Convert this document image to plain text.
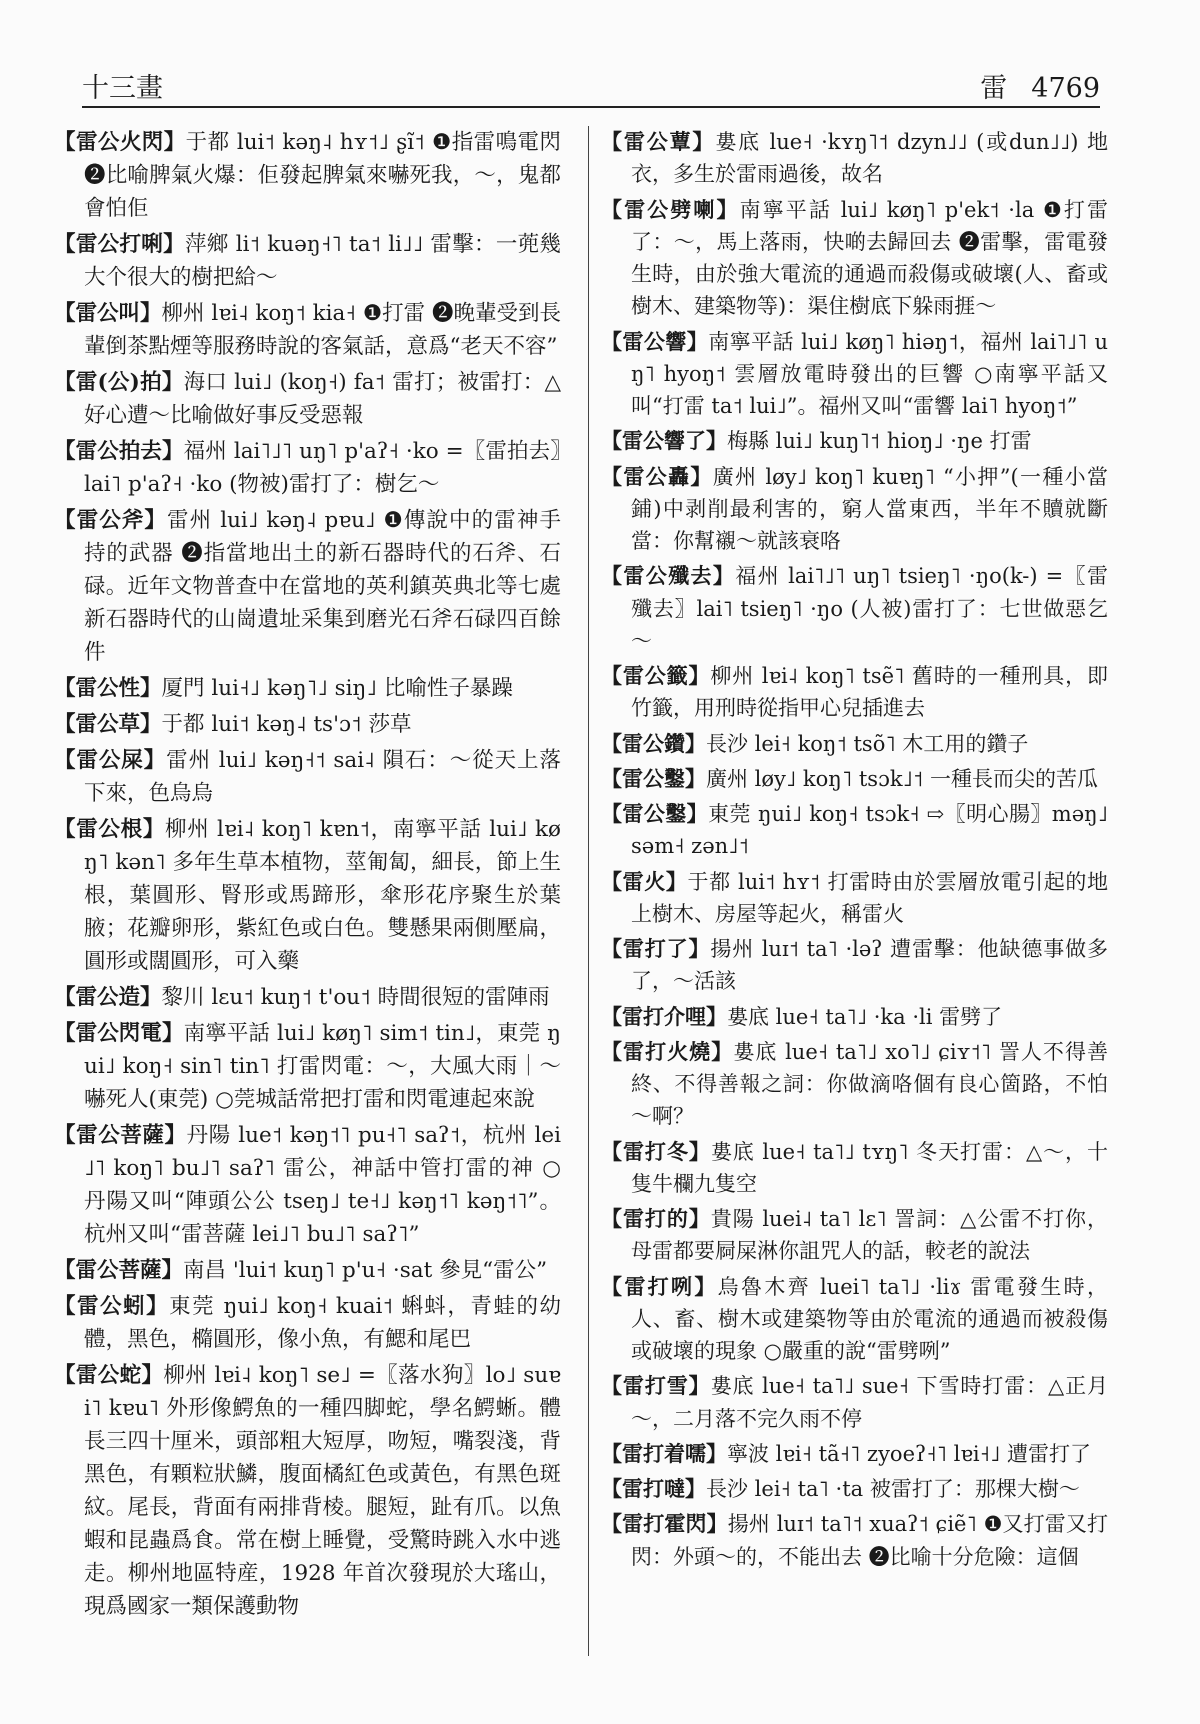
十三畫	雷 4769

【雷公火閃】于都 lui˦ kəŋ˨ hʏ˦˩ ʂĩ˦ ❶指雷鳴電閃 ❷比喻脾氣火爆：佢發起脾氣來嚇死我，～，鬼都會怕佢

【雷公打唎】萍鄉 li˦ kuəŋ˧˥ ta˦ li˩˩ 雷擊：一蔸幾大个很大的樹把給～

【雷公叫】柳州 lɐi˨ koŋ˦ kia˧ ❶打雷 ❷晚輩受到長輩倒茶點煙等服務時說的客氣話，意爲“老天不容”

【雷(公)拍】海口 lui˩ (koŋ˧) fa˦ 雷打；被雷打：△好心遭～比喻做好事反受惡報

【雷公拍去】福州 lai˥˩˥ uŋ˥ p'aʔ˧ ·ko =〖雷拍去〗lai˥ p'aʔ˧ ·ko (物被)雷打了：樹乞～

【雷公斧】雷州 lui˩ kəŋ˨ pɐu˩ ❶傳說中的雷神手持的武器 ❷指當地出土的新石器時代的石斧、石碌。近年文物普查中在當地的英利鎮英典北等七處新石器時代的山崗遺址采集到磨光石斧石碌四百餘件

【雷公性】厦門 lui˧˩ kəŋ˥˩ siŋ˩ 比喻性子暴躁

【雷公草】于都 lui˦ kəŋ˨ ts'ɔ˦ 莎草

【雷公屎】雷州 lui˩ kəŋ˧˦ sai˨ 隕石：～從天上落下來，色烏烏

【雷公根】柳州 lɐi˨ koŋ˥ kɐn˦，南寧平話 lui˩ køŋ˥ kən˥ 多年生草本植物，莖匍匐，細長，節上生根，葉圓形、腎形或馬蹄形，傘形花序聚生於葉腋；花瓣卵形，紫紅色或白色。雙懸果兩側壓扁，圓形或闊圓形，可入藥

【雷公造】黎川 lɛu˦ kuŋ˦ t'ou˦ 時間很短的雷陣雨

【雷公閃電】南寧平話 lui˩ køŋ˥ sim˦ tin˩，東莞 ŋui˩ koŋ˧ sin˥ tin˥ 打雷閃電：～，大風大雨｜～嚇死人(東莞) ○莞城話常把打雷和閃電連起來說

【雷公菩薩】丹陽 lue˦ kəŋ˦˥ pu˧˥ saʔ˦，杭州 lei˩˥ koŋ˥ bu˩˥ saʔ˥ 雷公，神話中管打雷的神 ○丹陽又叫“陣頭公公 tseŋ˩ te˧˩ kəŋ˦˥ kəŋ˦˥”。杭州又叫“雷菩薩 lei˩˥ bu˩˥ saʔ˥”

【雷公菩薩】南昌 'lui˦ kuŋ˥ p'u˧ ·sat 參見“雷公”

【雷公蚓】東莞 ŋui˩ koŋ˧ kuai˦ 蝌蚪，青蛙的幼體，黑色，橢圓形，像小魚，有鰓和尾巴

【雷公蛇】柳州 lɐi˨ koŋ˥ se˩ =〖落水狗〗lo˩ suɐi˥ kɐu˥ 外形像鰐魚的一種四脚蛇，學名鰐蜥。體長三四十厘米，頭部粗大短厚，吻短，嘴裂淺，背黑色，有顆粒狀鱗，腹面橘紅色或黃色，有黑色斑紋。尾長，背面有兩排背棱。腿短，趾有爪。以魚蝦和昆蟲爲食。常在樹上睡覺，受驚時跳入水中逃走。柳州地區特産，1928 年首次發現於大瑤山，現爲國家一類保護動物

【雷公蕈】婁底 lue˧ ·kʏŋ˥˦ dzyn˩˩ (或dun˩˩) 地衣，多生於雷雨過後，故名

【雷公劈喇】南寧平話 lui˩ køŋ˥ p'ek˦ ·la ❶打雷了：～，馬上落雨，快啲去歸回去 ❷雷擊，雷電發生時，由於強大電流的通過而殺傷或破壞(人、畜或樹木、建築物等)：渠住樹底下躲雨捱～

【雷公響】南寧平話 lui˩ køŋ˥ hiəŋ˦，福州 lai˥˩˥ uŋ˥ hyoŋ˦ 雲層放電時發出的巨響 ○南寧平話又叫“打雷 ta˦ lui˩”。福州又叫“雷響 lai˥ hyoŋ˦”

【雷公響了】梅縣 lui˩ kuŋ˥˦ hioŋ˩ ·ŋe 打雷

【雷公轟】廣州 løy˩ koŋ˥ kuɐŋ˥ “小押”(一種小當鋪)中剥削最利害的，窮人當東西，半年不贖就斷當：你幫襯～就該衰咯

【雷公殲去】福州 lai˥˩˥ uŋ˥ tsieŋ˥ ·ŋo(k-) =〖雷殲去〗lai˥ tsieŋ˥ ·ŋo (人被)雷打了：七世做惡乞～

【雷公籤】柳州 lɐi˨ koŋ˥ tsẽ˥ 舊時的一種刑具，即竹籤，用刑時從指甲心兒插進去

【雷公鑽】長沙 lei˧ koŋ˦ tsõ˥ 木工用的鑽子

【雷公鑿】廣州 løy˩ koŋ˥ tsɔk˩˦ 一種長而尖的苦瓜

【雷公鑿】東莞 ŋui˩ koŋ˧ tsɔk˧ ⇨〖明心腸〗məŋ˩ səm˧ zən˩˦

【雷火】于都 lui˦ hʏ˦ 打雷時由於雲層放電引起的地上樹木、房屋等起火，稱雷火

【雷打了】揚州 luɪ˦ ta˥ ·ləʔ 遭雷擊：他缺德事做多了，～活該

【雷打介哩】婁底 lue˧ ta˥˩ ·ka ·li 雷劈了

【雷打火燒】婁底 lue˧ ta˥˩ xo˥˩ ɕiʏ˦˥ 詈人不得善終、不得善報之詞：你做滴咯個有良心箇路，不怕～啊？

【雷打冬】婁底 lue˧ ta˥˩ tʏŋ˥ 冬天打雷：△～，十隻牛欄九隻空

【雷打的】貴陽 luei˨ ta˥ lɛ˥ 詈詞：△公雷不打你，母雷都要屙屎淋你詛咒人的話，較老的說法

【雷打咧】烏魯木齊 luei˥ ta˥˩ ·liɤ 雷電發生時，人、畜、樹木或建築物等由於電流的通過而被殺傷或破壞的現象 ○嚴重的說“雷劈咧”

【雷打雪】婁底 lue˧ ta˥˩ sue˧ 下雪時打雷：△正月～，二月落不完久雨不停

【雷打着嚅】寧波 lɐi˧ tã˧˥ zyoeʔ˧˥ lɐi˧˩ 遭雷打了

【雷打噠】長沙 lei˧ ta˥ ·ta 被雷打了：那棵大樹～

【雷打霍閃】揚州 luɪ˦ ta˥˦ xuaʔ˦ ɕiẽ˥ ❶又打雷又打閃：外頭～的，不能出去 ❷比喻十分危險：這個
